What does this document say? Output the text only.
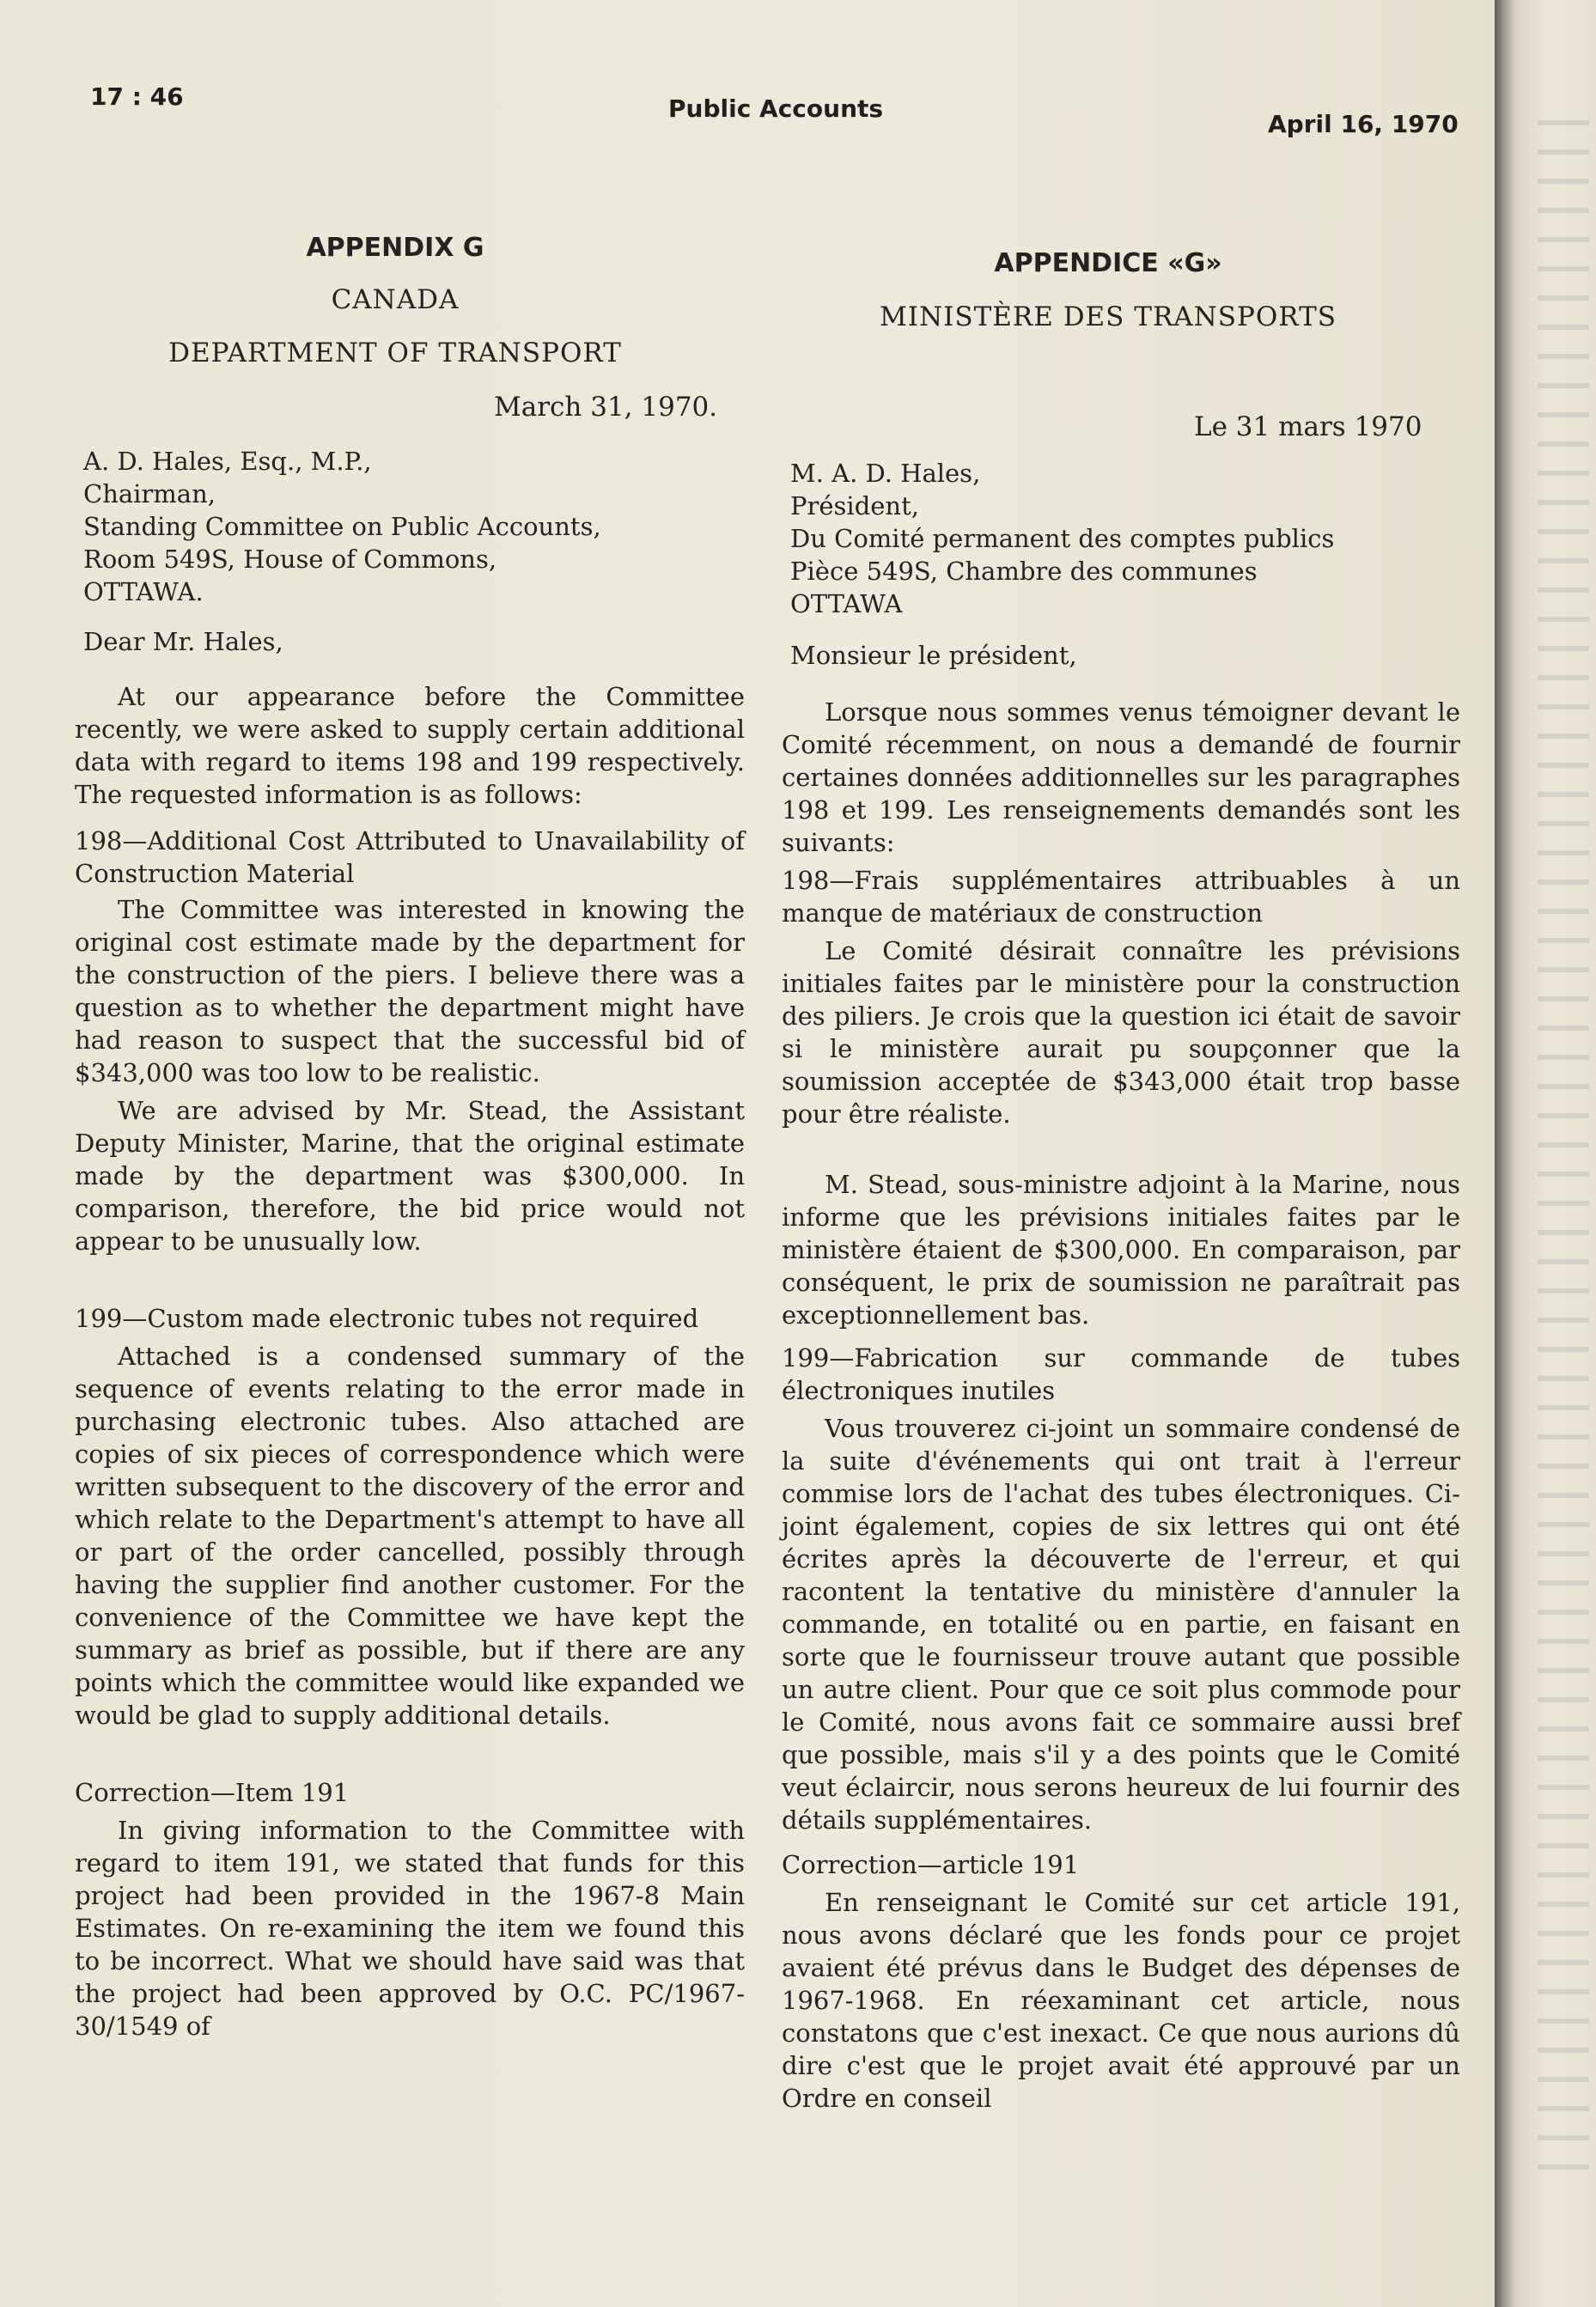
17 : 46	Public Accounts
April 16, 1970
APPENDIX G
CANADA
DEPARTMENT OF TRANSPORT
March 31, 1970.
A. D. Hales, Esq., M.P.,
Chairman,
Standing Committee on Public Accounts,
Room 549S, House of Commons,
OTTAWA.
Dear Mr. Hales,

At our appearance before the Committee recently, we were asked to supply certain additional data with regard to items 198 and 199 respectively. The requested information is as follows:

198—Additional Cost Attributed to Unavailability of Construction Material

The Committee was interested in knowing the original cost estimate made by the department for the construction of the piers. I believe there was a question as to whether the department might have had reason to suspect that the successful bid of $343,000 was too low to be realistic.

We are advised by Mr. Stead, the Assistant Deputy Minister, Marine, that the original estimate made by the department was $300,000. In comparison, therefore, the bid price would not appear to be unusually low.

199—Custom made electronic tubes not required

Attached is a condensed summary of the sequence of events relating to the error made in purchasing electronic tubes. Also attached are copies of six pieces of correspondence which were written subsequent to the discovery of the error and which relate to the Department's attempt to have all or part of the order cancelled, possibly through having the supplier find another customer. For the convenience of the Committee we have kept the summary as brief as possible, but if there are any points which the committee would like expanded we would be glad to supply additional details.

Correction—Item 191

In giving information to the Committee with regard to item 191, we stated that funds for this project had been provided in the 1967-8 Main Estimates. On re-examining the item we found this to be incorrect. What we should have said was that the project had been approved by O.C. PC/1967-30/1549 of

APPENDICE «G»
MINISTÈRE DES TRANSPORTS
Le 31 mars 1970
M. A. D. Hales,
Président,
Du Comité permanent des comptes publics
Pièce 549S, Chambre des communes
OTTAWA
Monsieur le président,

Lorsque nous sommes venus témoigner devant le Comité récemment, on nous a demandé de fournir certaines données additionnelles sur les paragraphes 198 et 199. Les renseignements demandés sont les suivants:

198—Frais supplémentaires attribuables à un manque de matériaux de construction

Le Comité désirait connaître les prévisions initiales faites par le ministère pour la construction des piliers. Je crois que la question ici était de savoir si le ministère aurait pu soupçonner que la soumission acceptée de $343,000 était trop basse pour être réaliste.

M. Stead, sous-ministre adjoint à la Marine, nous informe que les prévisions initiales faites par le ministère étaient de $300,000. En comparaison, par conséquent, le prix de soumission ne paraîtrait pas exceptionnellement bas.

199—Fabrication sur commande de tubes électroniques inutiles

Vous trouverez ci-joint un sommaire condensé de la suite d'événements qui ont trait à l'erreur commise lors de l'achat des tubes électroniques. Ci-joint également, copies de six lettres qui ont été écrites après la découverte de l'erreur, et qui racontent la tentative du ministère d'annuler la commande, en totalité ou en partie, en faisant en sorte que le fournisseur trouve autant que possible un autre client. Pour que ce soit plus commode pour le Comité, nous avons fait ce sommaire aussi bref que possible, mais s'il y a des points que le Comité veut éclaircir, nous serons heureux de lui fournir des détails supplémentaires.

Correction—article 191

En renseignant le Comité sur cet article 191, nous avons déclaré que les fonds pour ce projet avaient été prévus dans le Budget des dépenses de 1967-1968. En réexaminant cet article, nous constatons que c'est inexact. Ce que nous aurions dû dire c'est que le projet avait été approuvé par un Ordre en conseil
